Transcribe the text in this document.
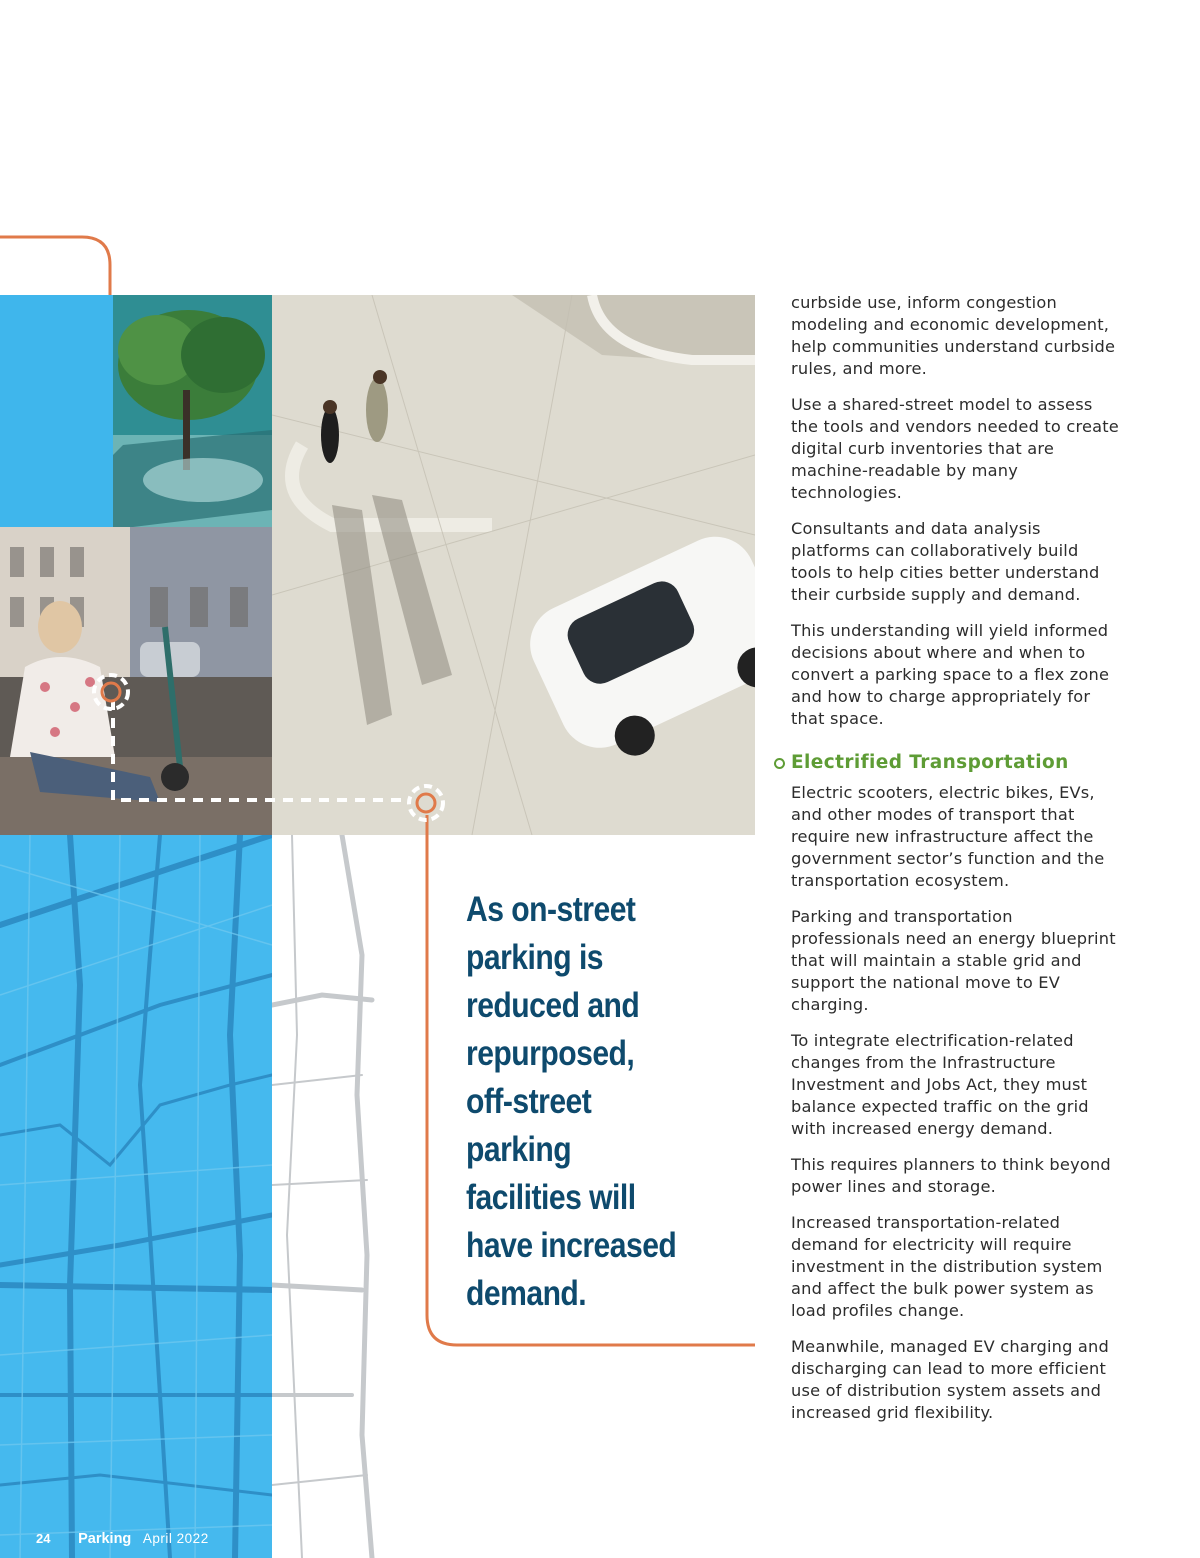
curbside use, inform congestion modeling and economic development, help communities understand curbside rules, and more.

Use a shared-street model to assess the tools and vendors needed to create digital curb inventories that are machine-readable by many technologies.

Consultants and data analysis platforms can collaboratively build tools to help cities better understand their curbside supply and demand.

This understanding will yield informed decisions about where and when to convert a parking space to a flex zone and how to charge appropriately for that space.

Electrified Transportation

Electric scooters, electric bikes, EVs, and other modes of transport that require new infrastructure affect the government sector’s function and the transportation ecosystem.

Parking and transportation professionals need an energy blueprint that will maintain a stable grid and support the national move to EV charging.

To integrate electrification-related changes from the Infrastructure Investment and Jobs Act, they must balance expected traffic on the grid with increased energy demand.

This requires planners to think beyond power lines and storage.

Increased transportation-related demand for electricity will require investment in the distribution system and affect the bulk power system as load profiles change.

Meanwhile, managed EV charging and discharging can lead to more efficient use of distribution system assets and increased grid flexibility.

As on-street
parking is
reduced and
repurposed,
off-street
parking
facilities will
have increased
demand.
24 Parking April 2022
